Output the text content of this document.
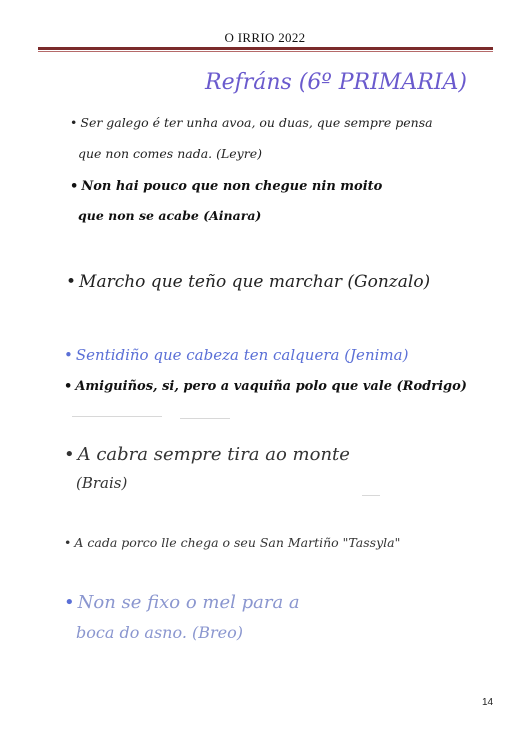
O IRRIO 2022
Refráns (6º PRIMARIA)
• Ser galego é ter unha avoa, ou duas, que sempre pensa
que non comes nada. (Leyre)
• Non hai pouco que non chegue nin moito
que non se acabe (Ainara)
• Marcho que teño que marchar (Gonzalo)
• Sentidiño que cabeza ten calquera (Jenima)
• Amiguiños, si, pero a vaquiña polo que vale (Rodrigo)
• A cabra sempre tira ao monte
(Brais)
• A cada porco lle chega o seu San Martiño "Tassyla"
• Non se fixo o mel para a
boca do asno. (Breo)
14
